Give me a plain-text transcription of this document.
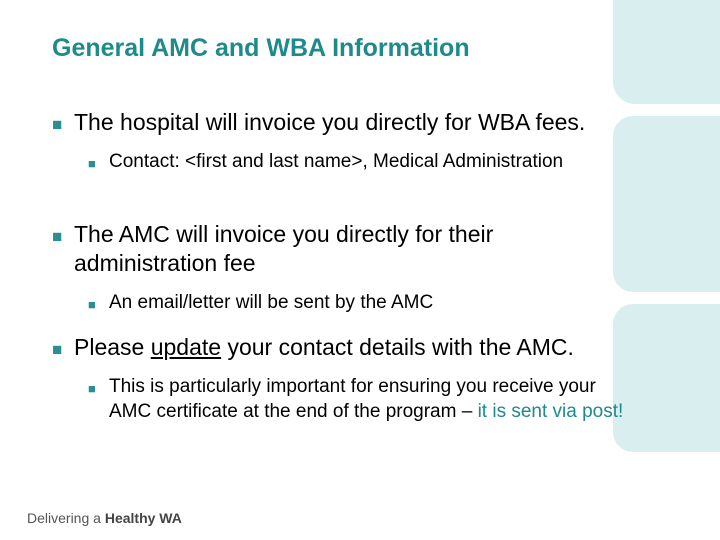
General AMC and WBA Information
■ The hospital will invoice you directly for WBA fees.
■ Contact: <first and last name>, Medical Administration
■ The AMC will invoice you directly for their administration fee
■ An email/letter will be sent by the AMC
■ Please update your contact details with the AMC.
■ This is particularly important for ensuring you receive your AMC certificate at the end of the program – it is sent via post!
Delivering a Healthy WA
